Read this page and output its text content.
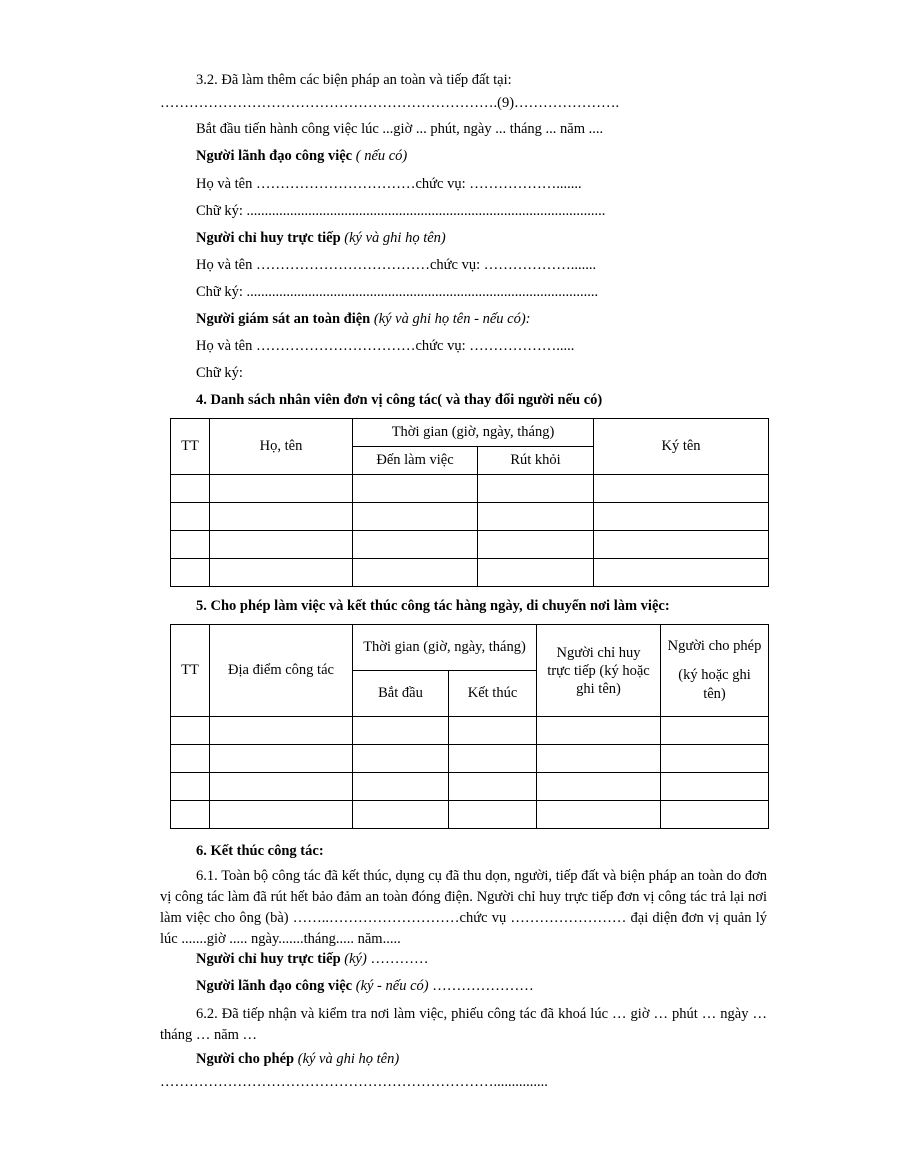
3.2. Đã làm thêm các biện pháp an toàn và tiếp đất tại:
…………………………………………………………….(9)………………….
Bắt đầu tiến hành công việc lúc ...giờ ... phút, ngày ... tháng ... năm ....
Người lãnh đạo công việc ( nếu có)
Họ và tên ……………………………chức vụ: ……………….......
Chữ ký: ...................................................................................................
Người chỉ huy trực tiếp (ký và ghi họ tên)
Họ và tên ………………………………chức vụ: ……………….......
Chữ ký: .................................................................................................
Người giám sát an toàn điện (ký và ghi họ tên - nếu có):
Họ và tên ……………………………chức vụ: ……………….....
Chữ ký:
4. Danh sách nhân viên đơn vị công tác( và thay đổi người nếu có)
TT	Họ, tên	Thời gian (giờ, ngày, tháng)		Ký tên
		Đến làm việc	Rút khỏi	

5. Cho phép làm việc và kết thúc công tác hàng ngày, di chuyển nơi làm việc:
TT	Địa điểm công tác	Thời gian (giờ, ngày, tháng)		Người chỉ huy trực tiếp (ký hoặc ghi tên)	Người cho phép
(ký hoặc ghi tên)

		Bắt đầu	Kết thúc		

6. Kết thúc công tác:
6.1. Toàn bộ công tác đã kết thúc, dụng cụ đã thu dọn, người, tiếp đất và biện pháp an toàn do đơn vị công tác làm đã rút hết bảo đảm an toàn đóng điện. Người chỉ huy trực tiếp đơn vị công tác trả lại nơi làm việc cho ông (bà) ……..………………………chức vụ …………………… đại diện đơn vị quản lý lúc .......giờ ..... ngày.......tháng..... năm.....
Người chỉ huy trực tiếp (ký) …………
Người lãnh đạo công việc (ký - nếu có) …………………
6.2. Đã tiếp nhận và kiểm tra nơi làm việc, phiếu công tác đã khoá lúc … giờ … phút … ngày … tháng … năm …
Người cho phép (ký và ghi họ tên)
……………………………………………………………...............
